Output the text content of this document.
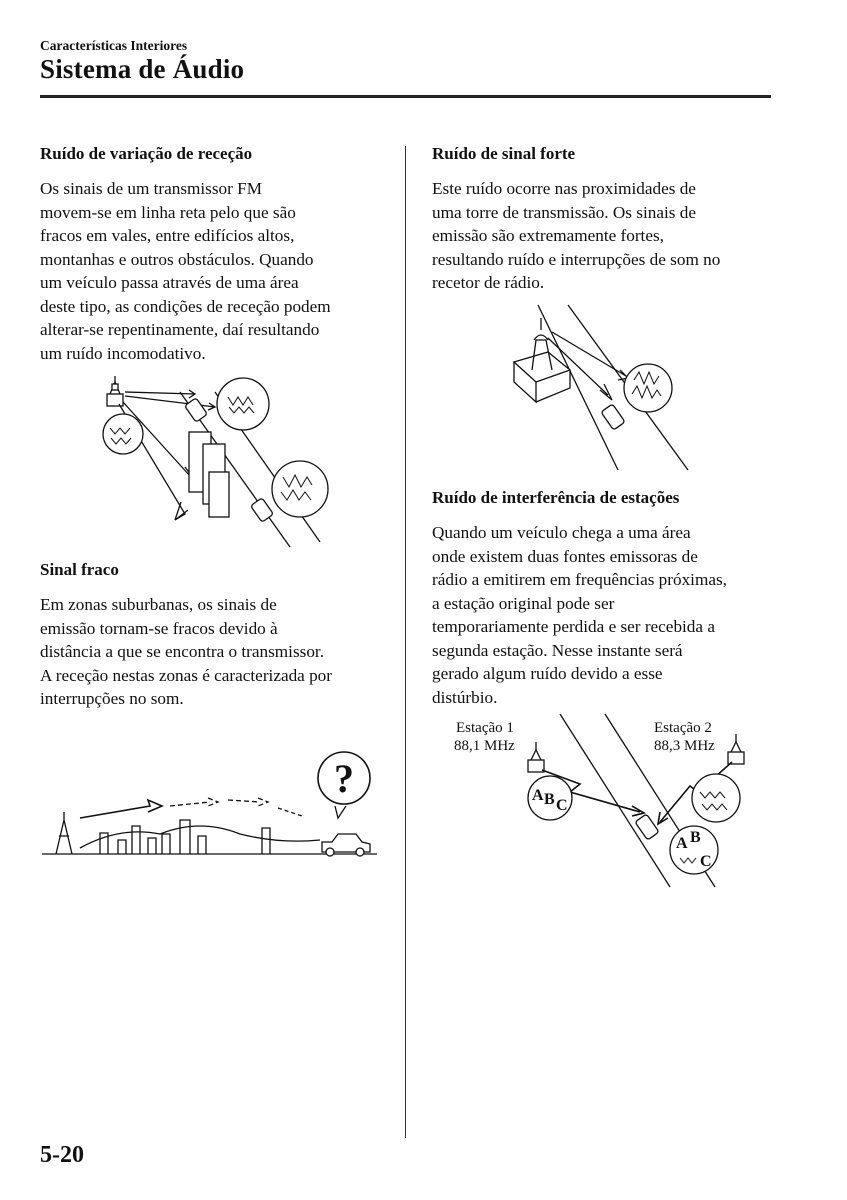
Características Interiores
Sistema de Áudio
Ruído de variação de receção
Os sinais de um transmissor FM
movem-se em linha reta pelo que são
fracos em vales, entre edifícios altos,
montanhas e outros obstáculos. Quando
um veículo passa através de uma área
deste tipo, as condições de receção podem
alterar-se repentinamente, daí resultando
um ruído incomodativo.
Sinal fraco
Em zonas suburbanas, os sinais de
emissão tornam-se fracos devido à
distância a que se encontra o transmissor.
A receção nestas zonas é caracterizada por
interrupções no som.
?
Ruído de sinal forte
Este ruído ocorre nas proximidades de
uma torre de transmissão. Os sinais de
emissão são extremamente fortes,
resultando ruído e interrupções de som no
recetor de rádio.
Ruído de interferência de estações
Quando um veículo chega a uma área
onde existem duas fontes emissoras de
rádio a emitirem em frequências próximas,
a estação original pode ser
temporariamente perdida e ser recebida a
segunda estação. Nesse instante será
gerado algum ruído devido a esse
distúrbio.
Estação 1
88,1 MHz
Estação 2
88,3 MHz
A B C
A B
C
5-20
